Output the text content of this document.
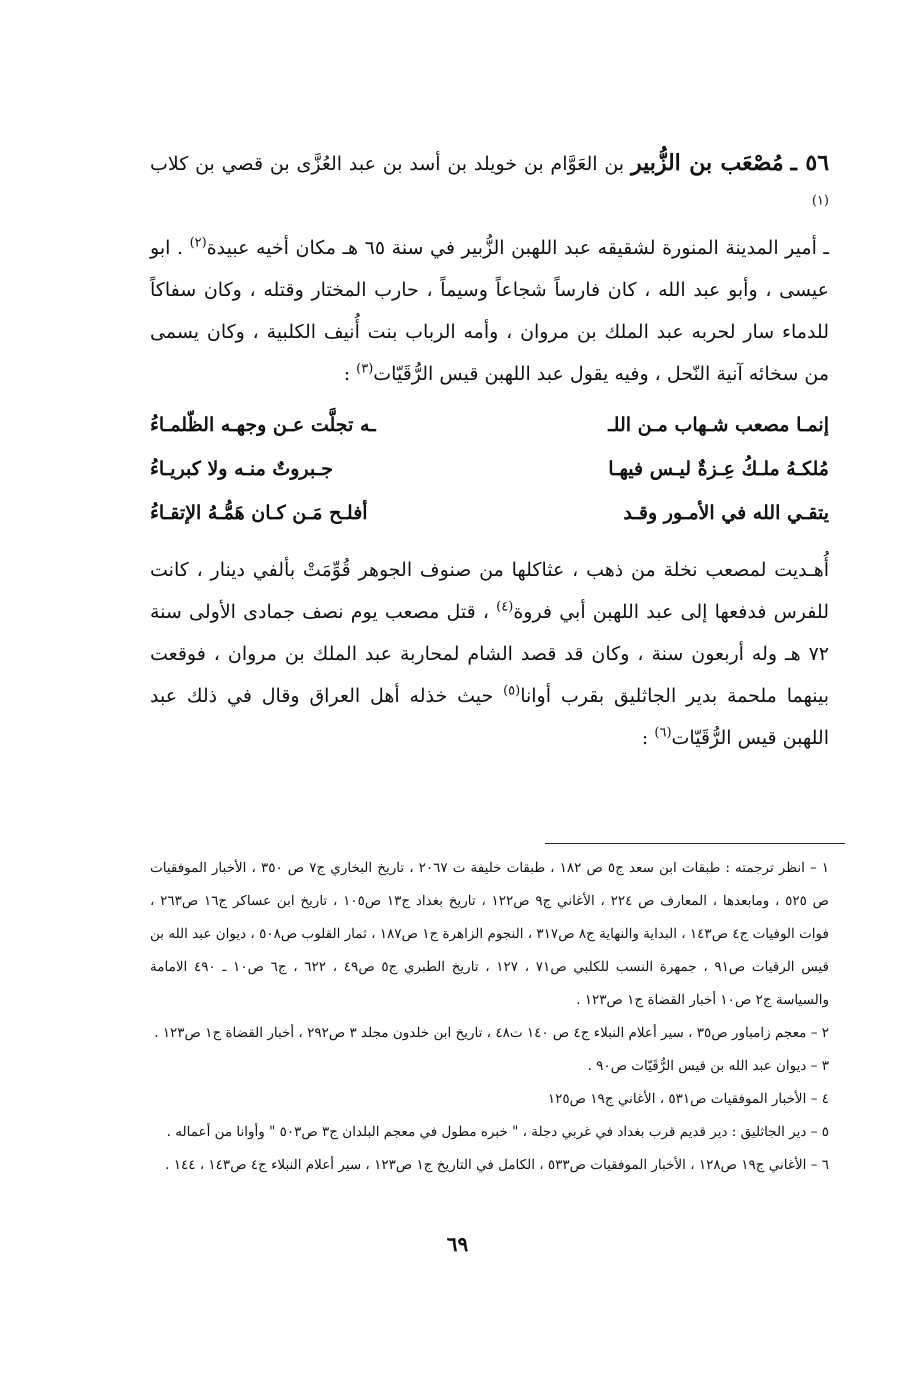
٥٦ ـ مُصْعَب بن الزُّبير بن العَوَّام بن خويلد بن أسد بن عبد العُزَّى بن قصي بن كلاب $^{(١)}$

ـ أمير المدينة المنورة لشقيقه عبد اللهبن الزُّبير في سنة ٦٥ هـ مكان أخيه عبيدة$^{(٢)}$ . ابو عيسى ، وأبو عبد الله ، كان فارساً شجاعاً وسيماً ، حارب المختار وقتله ، وكان سفاكاً للدماء سار لحربه عبد الملك بن مروان ، وأمه الرباب بنت أُنيف الكلبية ، وكان يسمى من سخائه آنية النّحل ، وفيه يقول عبد اللهبن قيس الرُّقَيّات$^{(٣)}$ :

إنمـا مصعب شـهاب مـن اللـ
ـه تجلَّت عـن وجهـه الظّلمـاءُ
مُلكـهُ ملـكُ عِـزةٌ ليـس فيهـا
جـبروتٌ منـه ولا كبريـاءُ
يتقـي الله في الأمـور وقـد
أفلـح مَـن كـان هَمُّـهُ الإتقـاءُ

أُهـديت لمصعب نخلة من ذهب ، عثاكلها من صنوف الجوهر قُوِّمَتْ بألفي دينار ، كانت للفرس فدفعها إلى عبد اللهبن أبي فروة$^{(٤)}$ ، قتل مصعب يوم نصف جمادى الأولى سنة ٧٢ هـ وله أربعون سنة ، وكان قد قصد الشام لمحاربة عبد الملك بن مروان ، فوقعت بينهما ملحمة بدير الجاثليق بقرب أوانا$^{(٥)}$ حيث خذله أهل العراق وقال في ذلك عبد اللهبن قيس الرُّقَيّات$^{(٦)}$ :

١ – انظر ترجمته : طبقات ابن سعد ج٥ ص ١٨٢ ، طبقات خليفة ت ٢٠٦٧ ، تاريخ البخاري ج٧ ص ٣٥٠ ، الأخبار الموفقيات ص ٥٢٥ ، ومابعدها ، المعارف ص ٢٢٤ ، الأغاني ج٩ ص١٢٢ ، تاريخ بغداد ج١٣ ص١٠٥ ، تاريخ ابن عساكر ج١٦ ص٢٦٣ ، فوات الوفيات ج٤ ص١٤٣ ، البداية والنهاية ج٨ ص٣١٧ ، النجوم الزاهرة ج١ ص١٨٧ ، ثمار القلوب ص٥٠٨ ، ديوان عبد الله بن قيس الرقيات ص٩١ ، جمهرة النسب للكلبي ص٧١ ، ١٢٧ ، تاريخ الطبري ج٥ ص٤٩ ، ٦٢٢ ، ج٦ ص١٠ ـ ٤٩٠ الامامة والسياسة ج٢ ص١٠ أخبار القضاة ج١ ص١٢٣ .

٢ – معجم زامباور ص٣٥ ، سير أعلام النبلاء ج٤ ص ١٤٠ ت٤٨ ، تاريخ ابن خلدون مجلد ٣ ص٢٩٢ ، أخبار القضاة ج١ ص١٢٣ .

٣ – ديوان عبد الله بن قيس الرُّقَيّات ص٩٠ .

٤ – الأخبار الموفقيات ص٥٣١ ، الأغاني ج١٩ ص١٢٥

٥ – دير الجاثليق : دير قديم قرب بغداد في غربي دجلة ، " خبره مطول في معجم البلدان ج٣ ص٥٠٣ " وأوانا من أعماله .

٦ – الأغاني ج١٩ ص١٢٨ ، الأخبار الموفقيات ص٥٣٣ ، الكامل في التاريخ ج١ ص١٢٣ ، سير أعلام النبلاء ج٤ ص١٤٣ ، ١٤٤ .

٦٩
